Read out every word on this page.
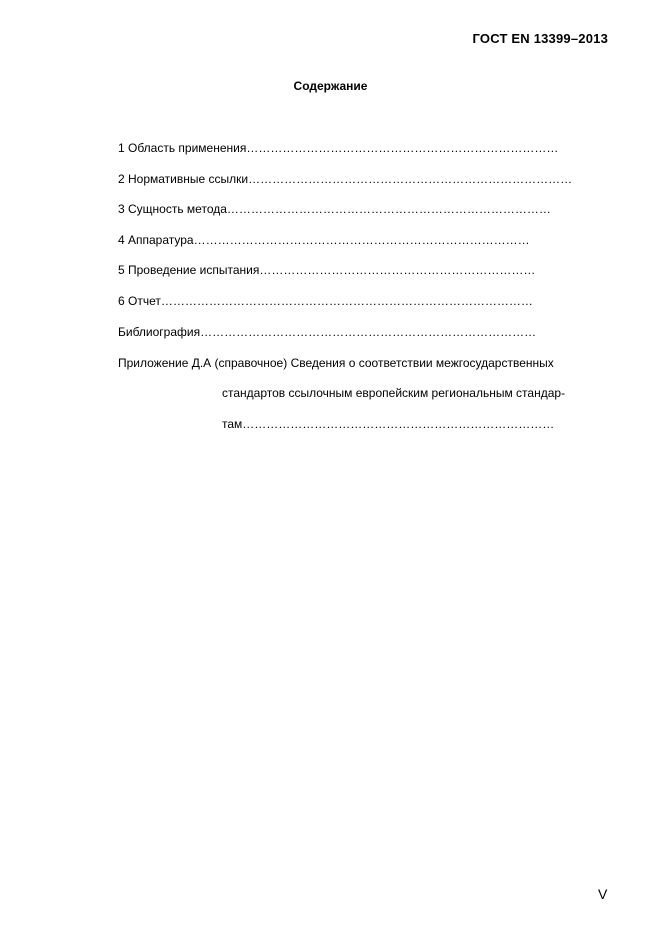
ГОСТ EN 13399–2013
Содержание
1 Область применения……………………………………………………………………
2 Нормативные ссылки………………………………………………………………………
3 Сущность метода………………………………………………………………………
4 Аппаратура…………………………………………………………………………
5 Проведение испытания……………………………………………………………
6 Отчет…………………………………………………………………………………
Библиография…………………………………………………………………………
Приложение Д.А (справочное) Сведения о соответствии межгосударственных
стандартов ссылочным европейским региональным стандар-
там……………………………………………………………………
V
